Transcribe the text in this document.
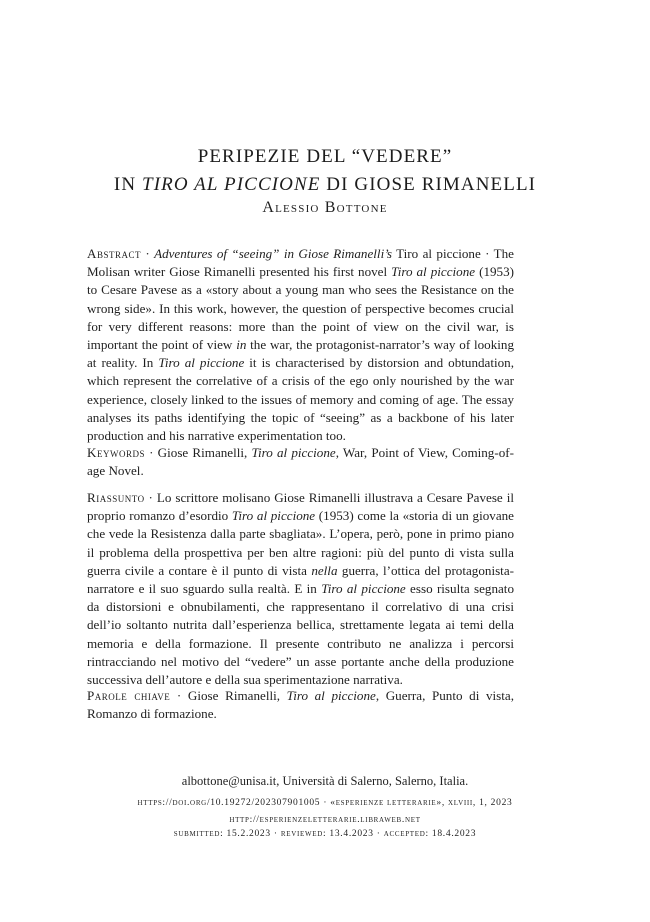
PERIPEZIE DEL “VEDERE”
IN TIRO AL PICCIONE DI GIOSE RIMANELLI
Alessio Bottone
Abstract · Adventures of “seeing” in Giose Rimanelli’s Tiro al piccione · The Molisan writer Giose Rimanelli presented his first novel Tiro al piccione (1953) to Cesare Pavese as a «story about a young man who sees the Resistance on the wrong side». In this work, however, the question of perspective becomes crucial for very different reasons: more than the point of view on the civil war, is important the point of view in the war, the protagonist-narrator’s way of looking at reality. In Tiro al piccione it is characterised by distorsion and obtundation, which represent the correlative of a crisis of the ego only nourished by the war experience, closely linked to the issues of memory and coming of age. The essay analyses its paths identifying the topic of “seeing” as a backbone of his later production and his narrative experimentation too.
Keywords · Giose Rimanelli, Tiro al piccione, War, Point of View, Coming-of-age Novel.
Riassunto · Lo scrittore molisano Giose Rimanelli illustrava a Cesare Pavese il proprio romanzo d’esordio Tiro al piccione (1953) come la «storia di un giovane che vede la Resistenza dalla parte sbagliata». L’opera, però, pone in primo piano il problema della prospettiva per ben altre ragioni: più del punto di vista sulla guerra civile a contare è il punto di vista nella guerra, l’ottica del protagonista-narratore e il suo sguardo sulla realtà. E in Tiro al piccione esso risulta segnato da distorsioni e obnubilamenti, che rappresentano il correlativo di una crisi dell’io soltanto nutrita dall’esperienza bellica, strettamente legata ai temi della memoria e della formazione. Il presente contributo ne analizza i percorsi rintracciando nel motivo del “vedere” un asse portante anche della produzione successiva dell’autore e della sua sperimentazione narrativa.
Parole chiave · Giose Rimanelli, Tiro al piccione, Guerra, Punto di vista, Romanzo di formazione.
albottone@unisa.it, Università di Salerno, Salerno, Italia.
https://doi.org/10.19272/202307901005 · «esperienze letterarie», xlviii, 1, 2023
http://esperienzeletterarie.libraweb.net
submitted: 15.2.2023 · reviewed: 13.4.2023 · accepted: 18.4.2023
